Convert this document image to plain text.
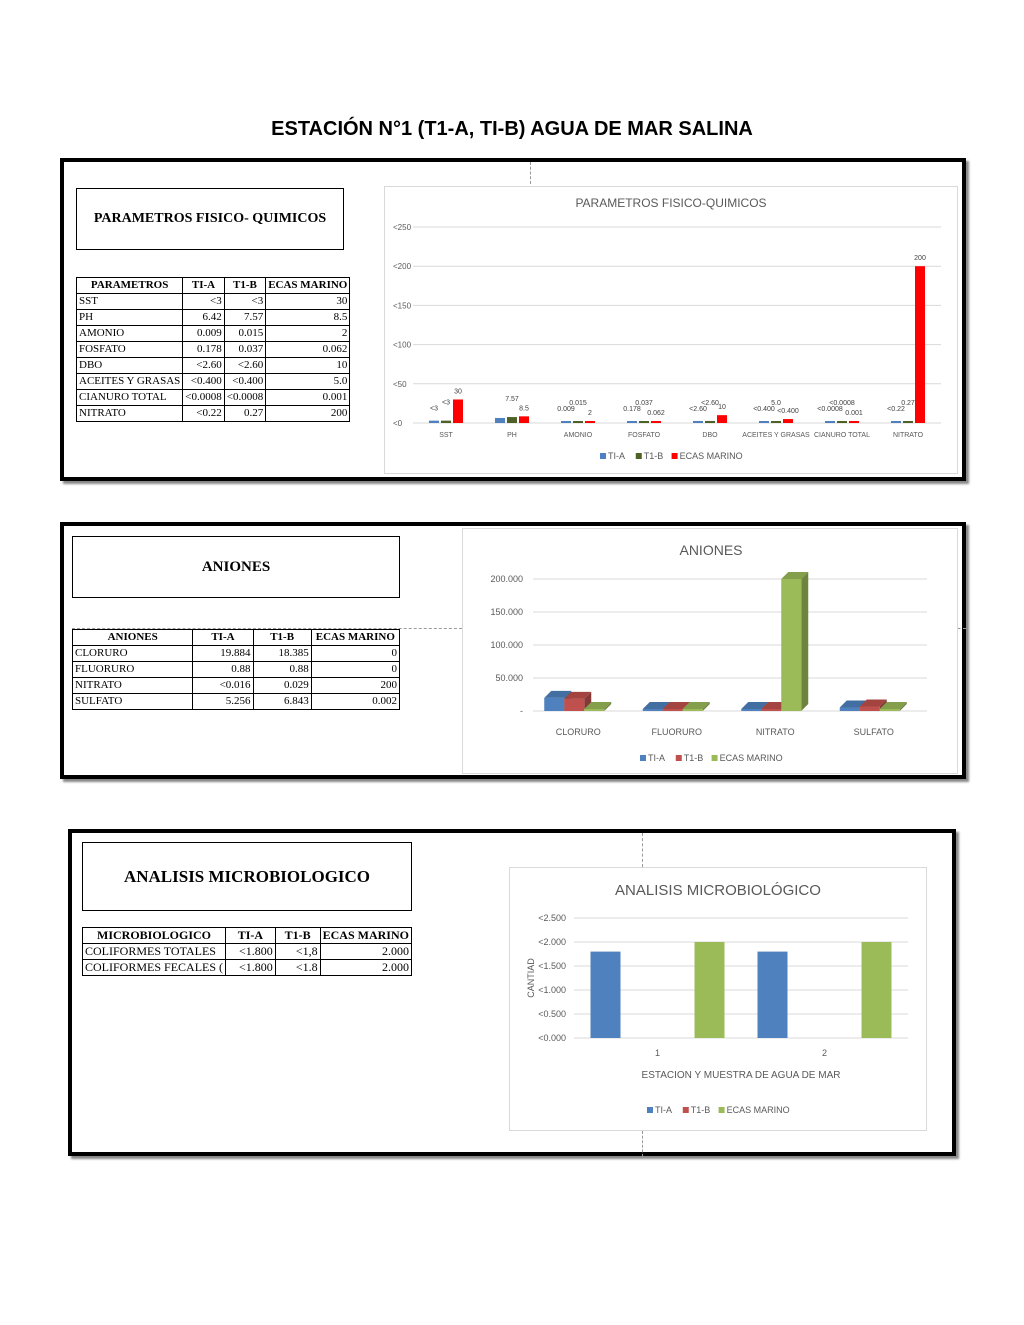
ESTACIÓN N°1 (T1-A, TI-B) AGUA DE MAR SALINA
PARAMETROS FISICO- QUIMICOS
PARAMETROS	TI-A	T1-B	ECAS MARINO
SST	<3	<3	30
PH	6.42	7.57	8.5
AMONIO	0.009	0.015	2
FOSFATO	0.178	0.037	0.062
DBO	<2.60	<2.60	10
ACEITES Y GRASAS	<0.400	<0.400	5.0
CIANURO TOTAL	<0.0008	<0.0008	0.001
NITRATO	<0.22	0.27	200
PARAMETROS FISICO-QUIMICOS
<0
<50
<100
<150
<200
<250
<3
<3
30
SST
7.57
8.5
PH
0.009
0.015
2
AMONIO
0.178
0.037
0.062
FOSFATO
<2.60
<2.60
10
DBO
<0.400
5.0
<0.400
ACEITES Y GRASAS
<0.0008
<0.0008
0.001
CIANURO TOTAL
<0.22
0.27
200
NITRATO
TI-A T1-B ECAS MARINO
ANIONES
ANIONES	TI-A	T1-B	ECAS MARINO
CLORURO	19.884	18.385	0
FLUORURO	0.88	0.88	0
NITRATO	<0.016	0.029	200
SULFATO	5.256	6.843	0.002
ANIONES
-
50.000
100.000
150.000
200.000
CLORURO	FLUORURO	NITRATO	SULFATO
TI-A T1-B ECAS MARINO
ANALISIS MICROBIOLOGICO
MICROBIOLOGICO	TI-A	T1-B	ECAS MARINO
COLIFORMES TOTALES	<1.800	<1,8	2.000
COLIFORMES FECALES (	<1.800	<1.8	2.000
ANALISIS MICROBIOLÓGICO
<0.000
<0.500
<1.000
<1.500
<2.000
<2.500
CANTIAD
1	2
ESTACION Y MUESTRA DE AGUA DE MAR
TI-A T1-B ECAS MARINO
